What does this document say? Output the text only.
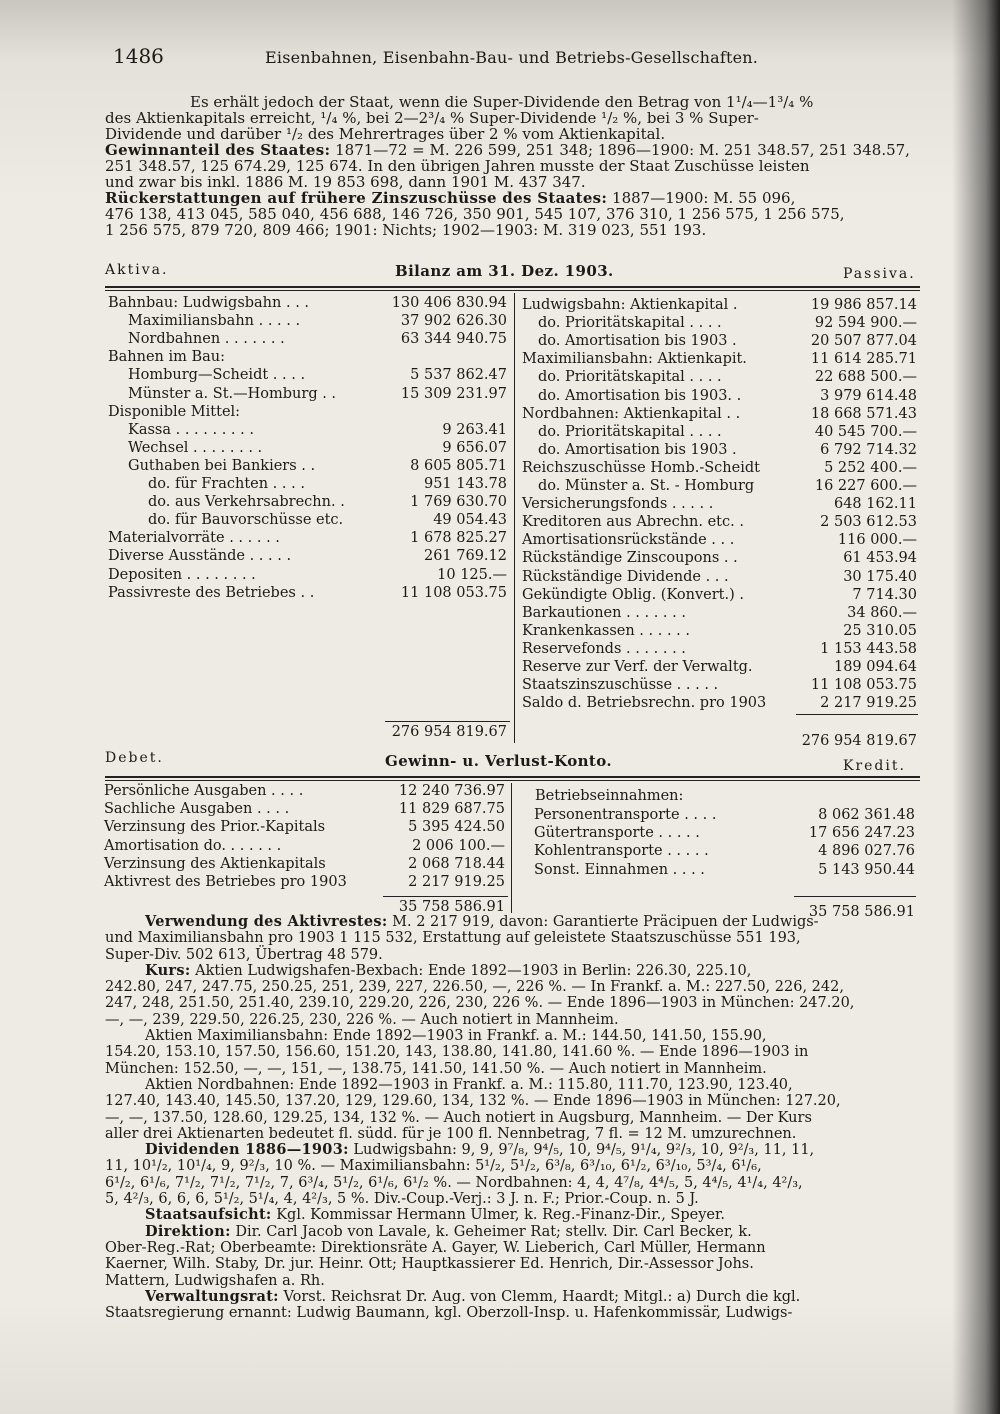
1486	Eisenbahnen, Eisenbahn-Bau- und Betriebs-Gesellschaften.

Es erhält jedoch der Staat, wenn die Super-Dividende den Betrag von 1¹/₄—1³/₄ %

des Aktienkapitals erreicht, ¹/₄ %, bei 2—2³/₄ % Super-Dividende ¹/₂ %, bei 3 % Super-

Dividende und darüber ¹/₂ des Mehrertrages über 2 % vom Aktienkapital.

Gewinnanteil des Staates: 1871—72 = M. 226 599, 251 348; 1896—1900: M. 251 348.57, 251 348.57,

251 348.57, 125 674.29, 125 674. In den übrigen Jahren musste der Staat Zuschüsse leisten

und zwar bis inkl. 1886 M. 19 853 698, dann 1901 M. 437 347.

Rückerstattungen auf frühere Zinszuschüsse des Staates: 1887—1900: M. 55 096,

476 138, 413 045, 585 040, 456 688, 146 726, 350 901, 545 107, 376 310, 1 256 575, 1 256 575,

1 256 575, 879 720, 809 466; 1901: Nichts; 1902—1903: M. 319 023, 551 193.

Aktiva.	Bilanz am 31. Dez. 1903.	Passiva.
Bahnbau: Ludwigsbahn . . .	130 406 830.94
Maximiliansbahn . . . . .	37 902 626.30
Nordbahnen . . . . . . .	63 344 940.75
Bahnen im Bau:
Homburg—Scheidt . . . .	5 537 862.47
Münster a. St.—Homburg . .	15 309 231.97
Disponible Mittel:
Kassa . . . . . . . . .	9 263.41
Wechsel . . . . . . . .	9 656.07
Guthaben bei Bankiers . .	8 605 805.71
do. für Frachten . . . .	951 143.78
do. aus Verkehrsabrechn. .	1 769 630.70
do. für Bauvorschüsse etc.	49 054.43
Materialvorräte . . . . . .	1 678 825.27
Diverse Ausstände . . . . .	261 769.12
Depositen . . . . . . . .	10 125.—
Passivreste des Betriebes . .	11 108 053.75
Ludwigsbahn: Aktienkapital .	19 986 857.14
do. Prioritätskapital . . . .	92 594 900.—
do. Amortisation bis 1903 .	20 507 877.04
Maximiliansbahn: Aktienkapit.	11 614 285.71
do. Prioritätskapital . . . .	22 688 500.—
do. Amortisation bis 1903. .	3 979 614.48
Nordbahnen: Aktienkapital . .	18 668 571.43
do. Prioritätskapital . . . .	40 545 700.—
do. Amortisation bis 1903 .	6 792 714.32
Reichszuschüsse Homb.-Scheidt	5 252 400.—
do. Münster a. St. - Homburg	16 227 600.—
Versicherungsfonds . . . . .	648 162.11
Kreditoren aus Abrechn. etc. .	2 503 612.53
Amortisationsrückstände . . .	116 000.—
Rückständige Zinscoupons . .	61 453.94
Rückständige Dividende . . .	30 175.40
Gekündigte Oblig. (Konvert.) .	7 714.30
Barkautionen . . . . . . .	34 860.—
Krankenkassen . . . . . .	25 310.05
Reservefonds . . . . . . .	1 153 443.58
Reserve zur Verf. der Verwaltg.	189 094.64
Staatszinszuschüsse . . . . .	11 108 053.75
Saldo d. Betriebsrechn. pro 1903	2 217 919.25
276 954 819.67
276 954 819.67
Debet.	Gewinn- u. Verlust-Konto.	Kredit.
Persönliche Ausgaben . . . .	12 240 736.97
Sachliche Ausgaben . . . .	11 829 687.75
Verzinsung des Prior.-Kapitals	5 395 424.50
Amortisation do. . . . . . .	2 006 100.—
Verzinsung des Aktienkapitals	2 068 718.44
Aktivrest des Betriebes pro 1903	2 217 919.25
Betriebseinnahmen:
Personentransporte . . . .	8 062 361.48
Gütertransporte . . . . .	17 656 247.23
Kohlentransporte . . . . .	4 896 027.76
Sonst. Einnahmen . . . .	5 143 950.44
35 758 586.91	35 758 586.91

Verwendung des Aktivrestes: M. 2 217 919, davon: Garantierte Präcipuen der Ludwigs-

und Maximiliansbahn pro 1903 1 115 532, Erstattung auf geleistete Staatszuschüsse 551 193,

Super-Div. 502 613, Übertrag 48 579.

Kurs: Aktien Ludwigshafen-Bexbach: Ende 1892—1903 in Berlin: 226.30, 225.10,

242.80, 247, 247.75, 250.25, 251, 239, 227, 226.50, —, 226 %. — In Frankf. a. M.: 227.50, 226, 242,

247, 248, 251.50, 251.40, 239.10, 229.20, 226, 230, 226 %. — Ende 1896—1903 in München: 247.20,

—, —, 239, 229.50, 226.25, 230, 226 %. — Auch notiert in Mannheim.

Aktien Maximiliansbahn: Ende 1892—1903 in Frankf. a. M.: 144.50, 141.50, 155.90,

154.20, 153.10, 157.50, 156.60, 151.20, 143, 138.80, 141.80, 141.60 %. — Ende 1896—1903 in

München: 152.50, —, —, 151, —, 138.75, 141.50, 141.50 %. — Auch notiert in Mannheim.

Aktien Nordbahnen: Ende 1892—1903 in Frankf. a. M.: 115.80, 111.70, 123.90, 123.40,

127.40, 143.40, 145.50, 137.20, 129, 129.60, 134, 132 %. — Ende 1896—1903 in München: 127.20,

—, —, 137.50, 128.60, 129.25, 134, 132 %. — Auch notiert in Augsburg, Mannheim. — Der Kurs

aller drei Aktienarten bedeutet fl. südd. für je 100 fl. Nennbetrag, 7 fl. = 12 M. umzurechnen.

Dividenden 1886—1903: Ludwigsbahn: 9, 9, 9⁷/₈, 9⁴/₅, 10, 9⁴/₅, 9¹/₄, 9²/₃, 10, 9²/₃, 11, 11,

11, 10¹/₂, 10¹/₄, 9, 9²/₃, 10 %. — Maximiliansbahn: 5¹/₂, 5¹/₂, 6³/₈, 6³/₁₀, 6¹/₂, 6³/₁₀, 5³/₄, 6¹/₆,

6¹/₂, 6¹/₆, 7¹/₂, 7¹/₂, 7¹/₂, 7, 6³/₄, 5¹/₂, 6¹/₆, 6¹/₂ %. — Nordbahnen: 4, 4, 4⁷/₈, 4⁴/₅, 5, 4⁴/₅, 4¹/₄, 4²/₃,

5, 4²/₃, 6, 6, 6, 5¹/₂, 5¹/₄, 4, 4²/₃, 5 %. Div.-Coup.-Verj.: 3 J. n. F.; Prior.-Coup. n. 5 J.

Staatsaufsicht: Kgl. Kommissar Hermann Ulmer, k. Reg.-Finanz-Dir., Speyer.

Direktion: Dir. Carl Jacob von Lavale, k. Geheimer Rat; stellv. Dir. Carl Becker, k.

Ober-Reg.-Rat; Oberbeamte: Direktionsräte A. Gayer, W. Lieberich, Carl Müller, Hermann

Kaerner, Wilh. Staby, Dr. jur. Heinr. Ott; Hauptkassierer Ed. Henrich, Dir.-Assessor Johs.

Mattern, Ludwigshafen a. Rh.

Verwaltungsrat: Vorst. Reichsrat Dr. Aug. von Clemm, Haardt; Mitgl.: a) Durch die kgl.

Staatsregierung ernannt: Ludwig Baumann, kgl. Oberzoll-Insp. u. Hafenkommissär, Ludwigs-
